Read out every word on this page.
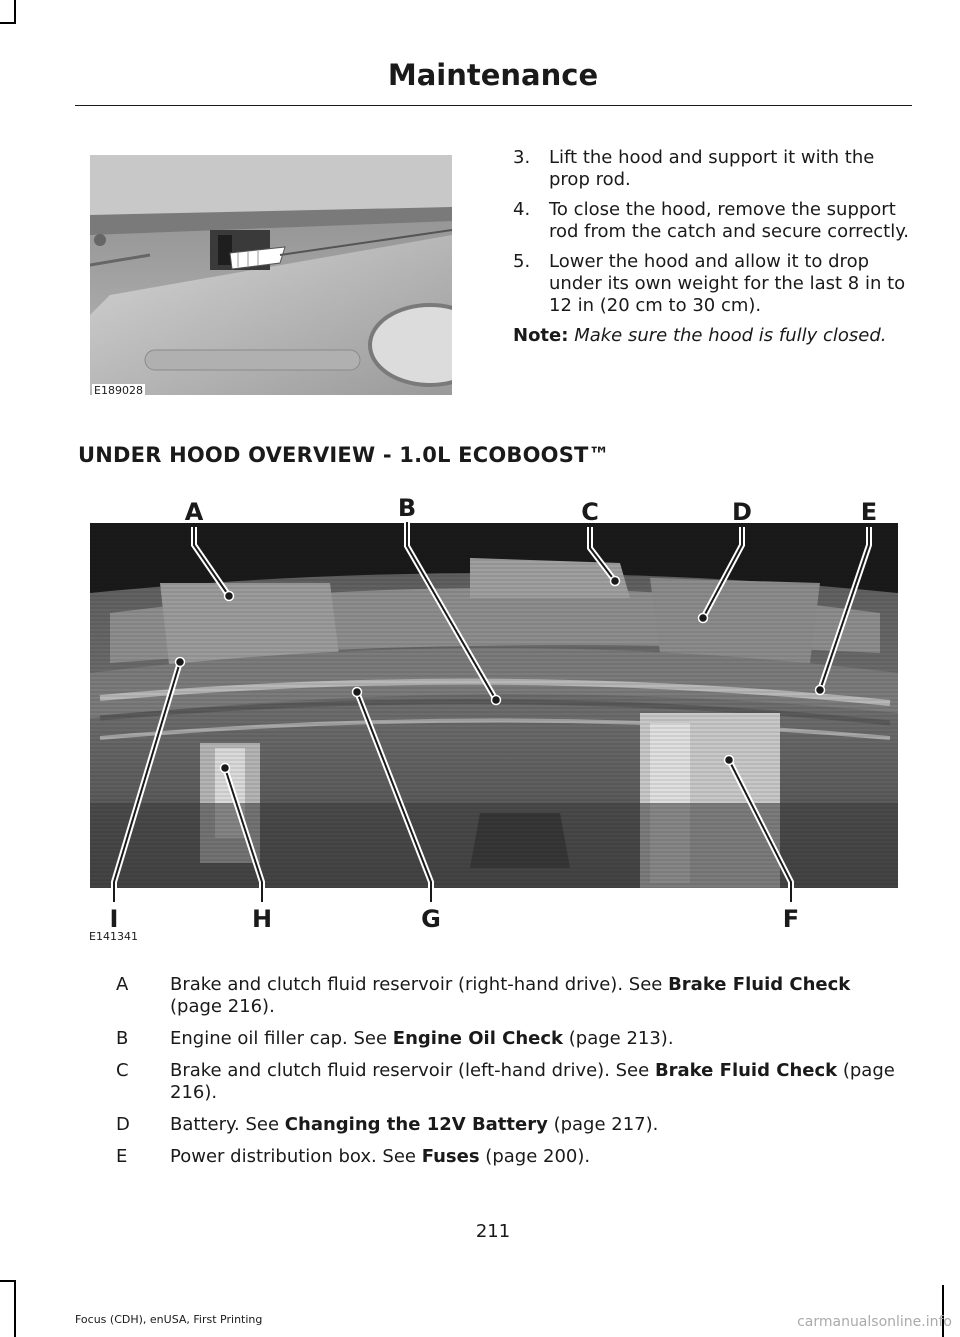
Maintenance
E189028
3. Lift the hood and support it with the prop rod.
4. To close the hood, remove the support rod from the catch and secure correctly.
5. Lower the hood and allow it to drop under its own weight for the last 8 in to 12 in (20 cm to 30 cm).
Note: Make sure the hood is fully closed.
UNDER HOOD OVERVIEW - 1.0L ECOBOOST™
A	B	C	D	E
F
G
H
I
E141341
A Brake and clutch fluid reservoir (right-hand drive). See Brake Fluid Check (page 216).
B Engine oil filler cap. See Engine Oil Check (page 213).
C Brake and clutch fluid reservoir (left-hand drive). See Brake Fluid Check (page 216).
D Battery. See Changing the 12V Battery (page 217).
E Power distribution box. See Fuses (page 200).
211
Focus (CDH), enUSA, First Printing	carmanualsonline.info
